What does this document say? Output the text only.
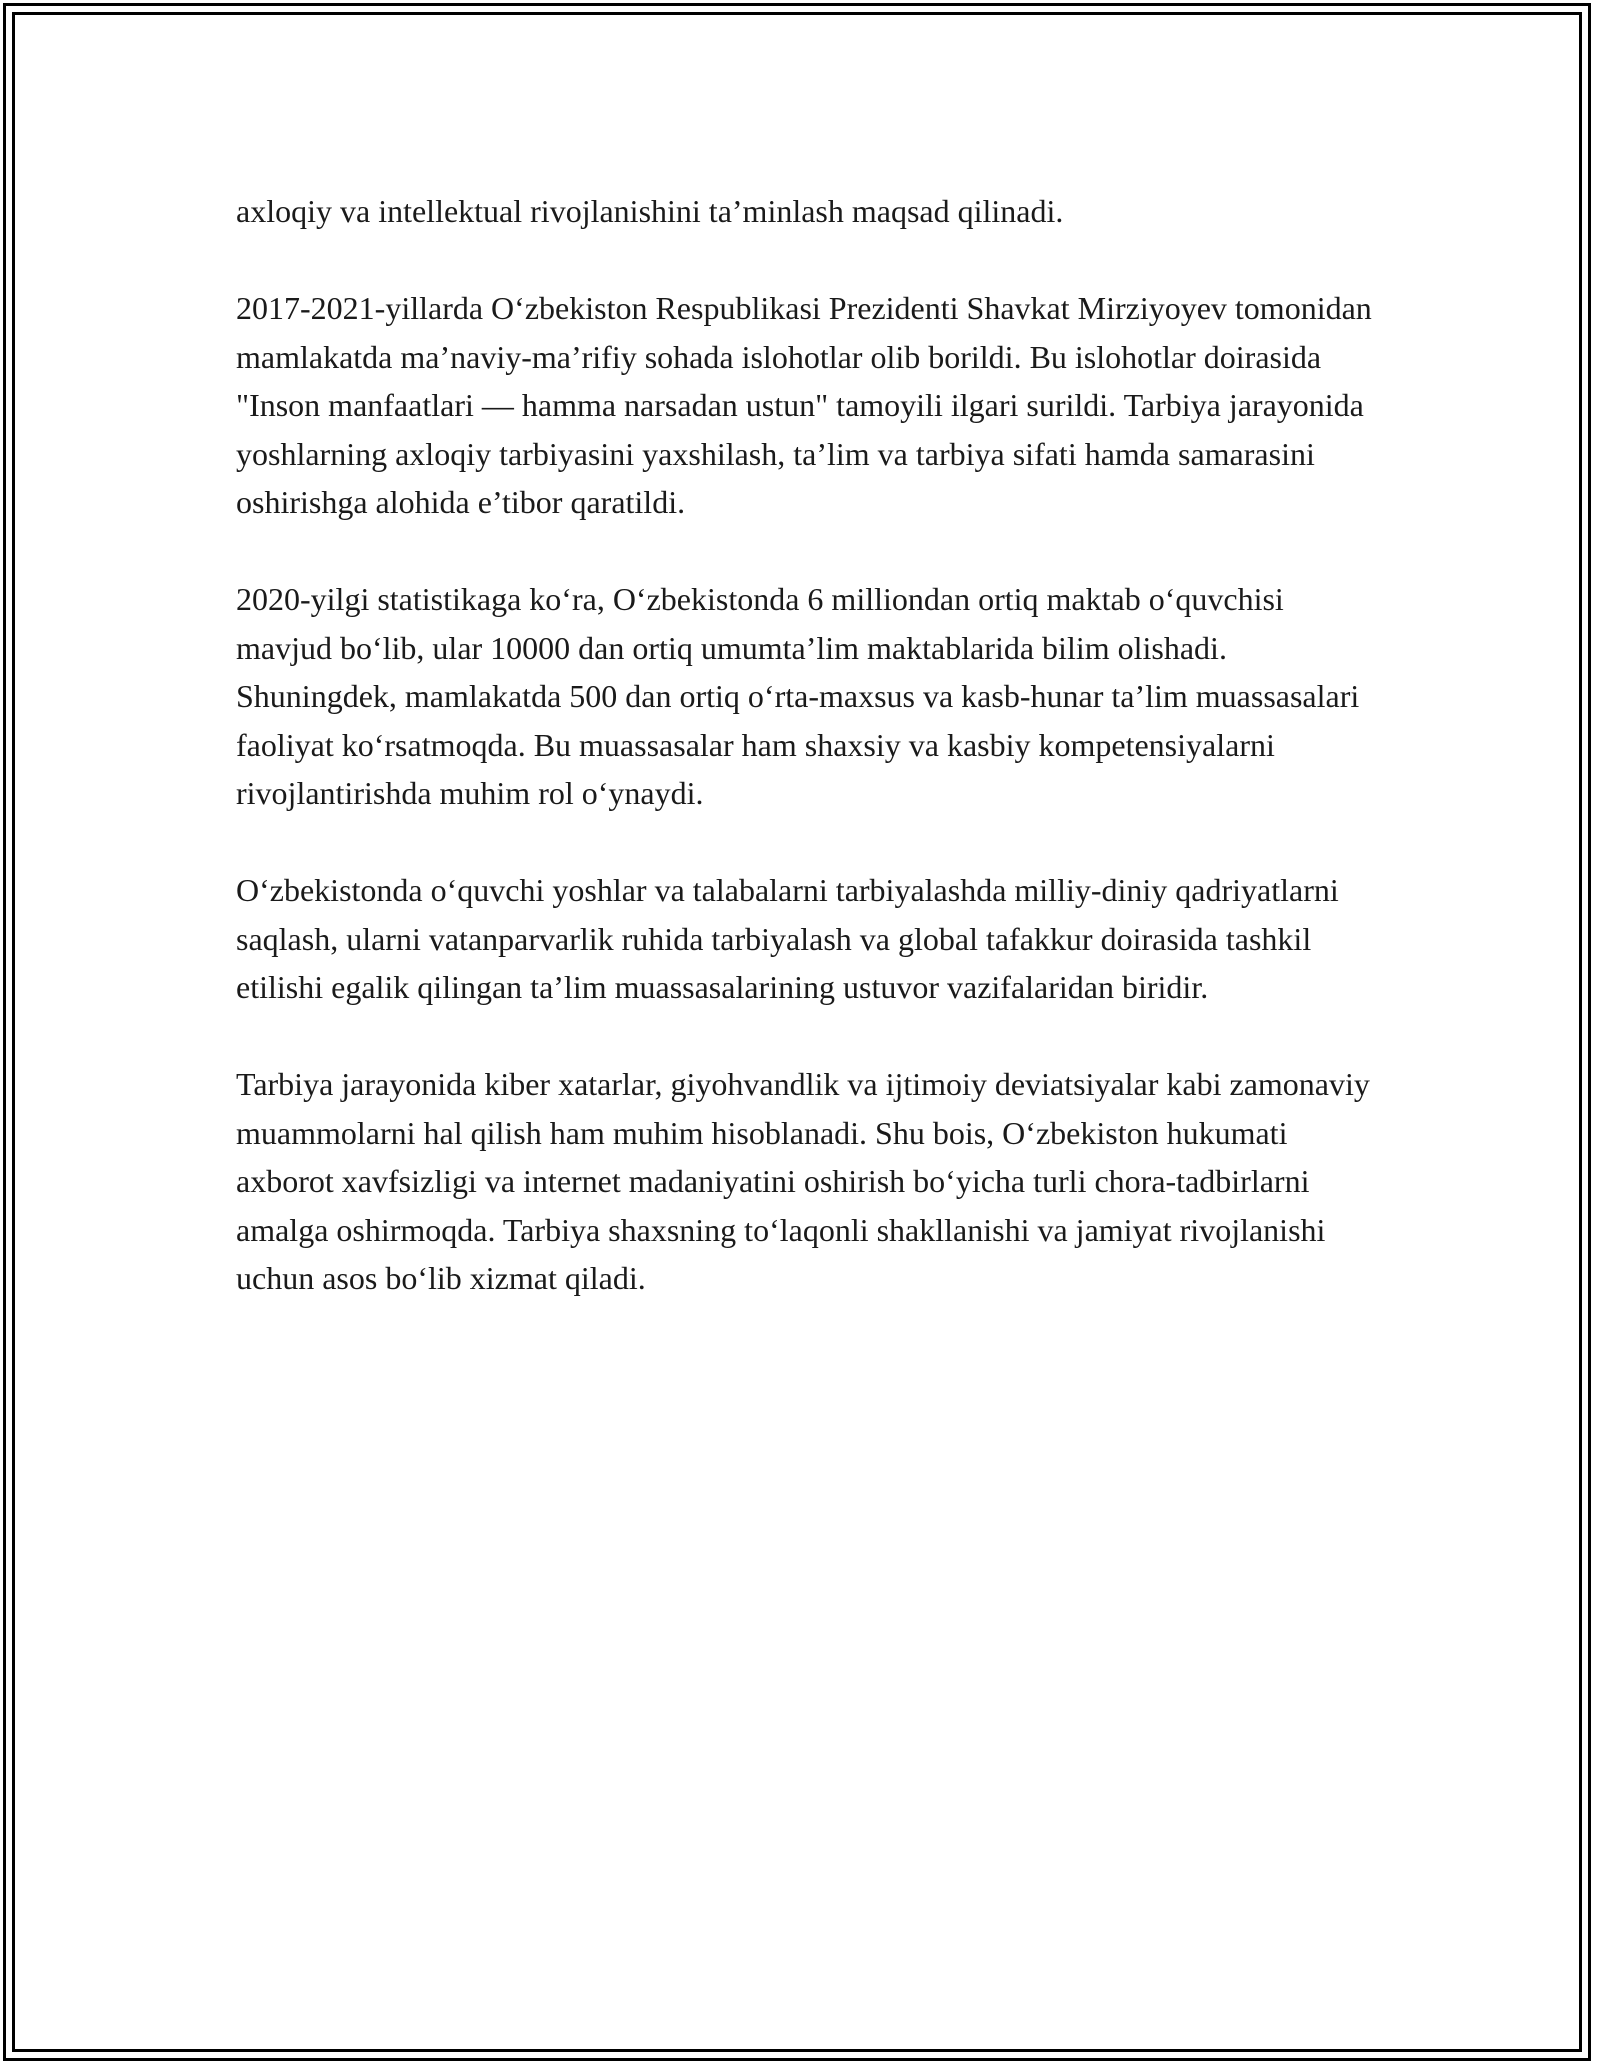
axloqiy va intellektual rivojlanishini ta’minlash maqsad qilinadi.

2017-2021-yillarda O‘zbekiston Respublikasi Prezidenti Shavkat Mirziyoyev tomonidan mamlakatda ma’naviy-ma’rifiy sohada islohotlar olib borildi. Bu islohotlar doirasida "Inson manfaatlari — hamma narsadan ustun" tamoyili ilgari surildi. Tarbiya jarayonida yoshlarning axloqiy tarbiyasini yaxshilash, ta’lim va tarbiya sifati hamda samarasini oshirishga alohida e’tibor qaratildi.

2020-yilgi statistikaga ko‘ra, O‘zbekistonda 6 milliondan ortiq maktab o‘quvchisi mavjud bo‘lib, ular 10000 dan ortiq umumta’lim maktablarida bilim olishadi. Shuningdek, mamlakatda 500 dan ortiq o‘rta-maxsus va kasb-hunar ta’lim muassasalari faoliyat ko‘rsatmoqda. Bu muassasalar ham shaxsiy va kasbiy kompetensiyalarni rivojlantirishda muhim rol o‘ynaydi.

O‘zbekistonda o‘quvchi yoshlar va talabalarni tarbiyalashda milliy-diniy qadriyatlarni saqlash, ularni vatanparvarlik ruhida tarbiyalash va global tafakkur doirasida tashkil etilishi egalik qilingan ta’lim muassasalarining ustuvor vazifalaridan biridir.

Tarbiya jarayonida kiber xatarlar, giyohvandlik va ijtimoiy deviatsiyalar kabi zamonaviy muammolarni hal qilish ham muhim hisoblanadi. Shu bois, O‘zbekiston hukumati axborot xavfsizligi va internet madaniyatini oshirish bo‘yicha turli chora-tadbirlarni amalga oshirmoqda. Tarbiya shaxsning to‘laqonli shakllanishi va jamiyat rivojlanishi uchun asos bo‘lib xizmat qiladi.
